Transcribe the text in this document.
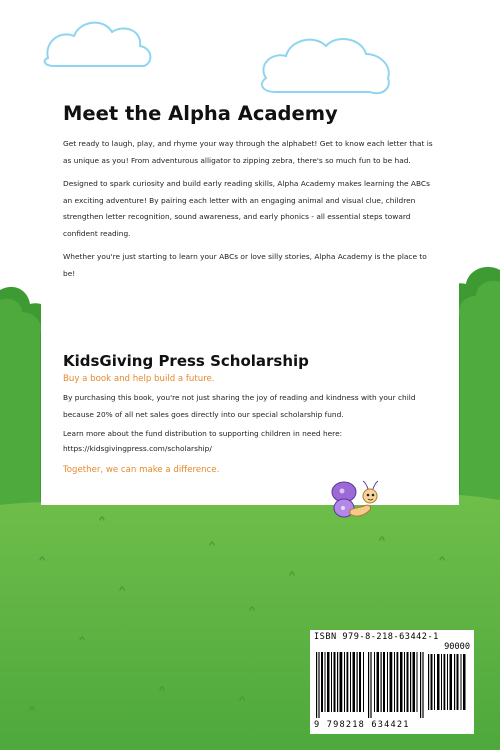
Meet the Alpha Academy

Get ready to laugh, play, and rhyme your way through the alphabet! Get to know each letter that is as unique as you! From adventurous alligator to zipping zebra, there's so much fun to be had.

Designed to spark curiosity and build early reading skills, Alpha Academy makes learning the ABCs an exciting adventure! By pairing each letter with an engaging animal and visual clue, children strengthen letter recognition, sound awareness, and early phonics - all essential steps toward confident reading.

Whether you're just starting to learn your ABCs or love silly stories, Alpha Academy is the place to be!

KidsGiving Press Scholarship

Buy a book and help build a future.

By purchasing this book, you're not just sharing the joy of reading and kindness with your child because 20% of all net sales goes directly into our special scholarship fund.

Learn more about the fund distribution to supporting children in need here:

https://kidsgivingpress.com/scholarship/

Together, we can make a difference.

ISBN 979-8-218-63442-1

90000

9 798218 634421
